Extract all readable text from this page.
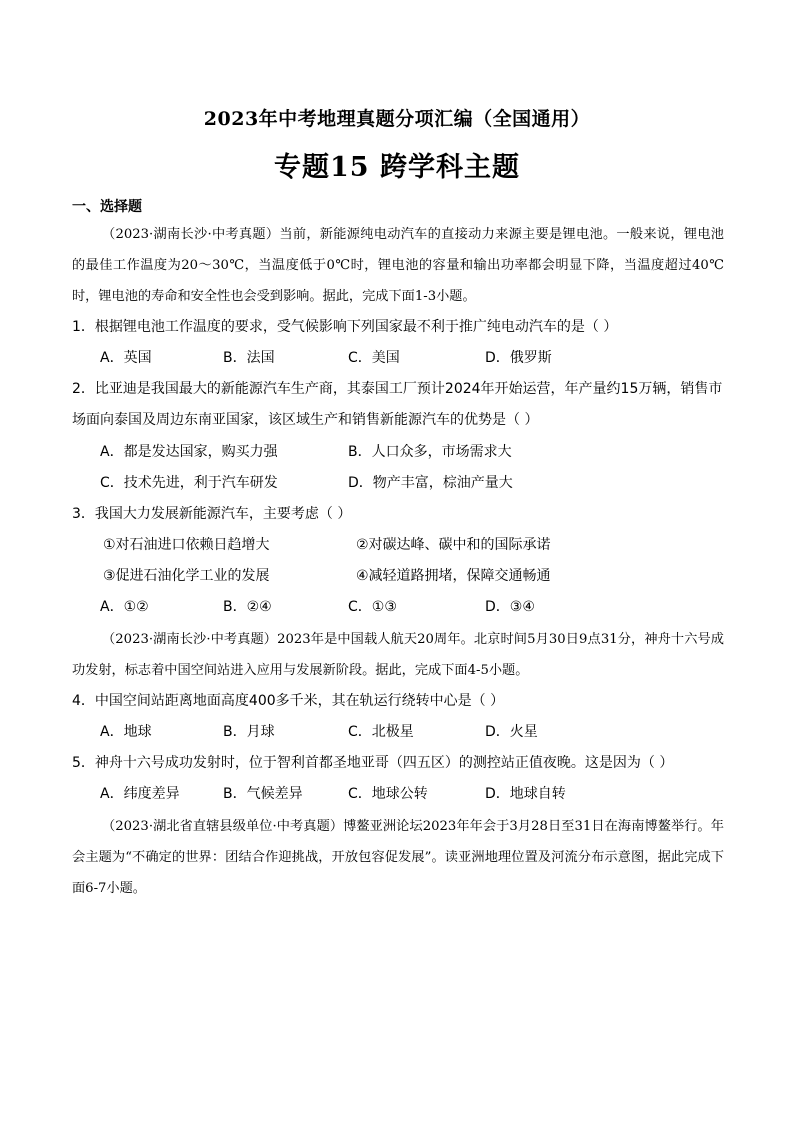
2023年中考地理真题分项汇编（全国通用）
专题15 跨学科主题
一、选择题
（2023·湖南长沙·中考真题）当前，新能源纯电动汽车的直接动力来源主要是锂电池。一般来说，锂电池的最佳工作温度为20～30℃，当温度低于0℃时，锂电池的容量和输出功率都会明显下降，当温度超过40℃时，锂电池的寿命和安全性也会受到影响。据此，完成下面1-3小题。
1．根据锂电池工作温度的要求，受气候影响下列国家最不利于推广纯电动汽车的是（ ）
A．英国	B．法国	C．美国	D．俄罗斯
2．比亚迪是我国最大的新能源汽车生产商，其泰国工厂预计2024年开始运营，年产量约15万辆，销售市场面向泰国及周边东南亚国家，该区域生产和销售新能源汽车的优势是（ ）
A．都是发达国家，购买力强	B．人口众多，市场需求大
C．技术先进，利于汽车研发	D．物产丰富，棕油产量大
3．我国大力发展新能源汽车，主要考虑（ ）
①对石油进口依赖日趋增大	②对碳达峰、碳中和的国际承诺
③促进石油化学工业的发展	④减轻道路拥堵，保障交通畅通
A．①②	B．②④	C．①③	D．③④
（2023·湖南长沙·中考真题）2023年是中国载人航天20周年。北京时间5月30日9点31分，神舟十六号成功发射，标志着中国空间站进入应用与发展新阶段。据此，完成下面4-5小题。
4．中国空间站距离地面高度400多千米，其在轨运行绕转中心是（ ）
A．地球	B．月球	C．北极星	D．火星
5．神舟十六号成功发射时，位于智利首都圣地亚哥（四五区）的测控站正值夜晚。这是因为（ ）
A．纬度差异	B．气候差异	C．地球公转	D．地球自转
（2023·湖北省直辖县级单位·中考真题）博鳌亚洲论坛2023年年会于3月28日至31日在海南博鳌举行。年会主题为“不确定的世界：团结合作迎挑战，开放包容促发展”。读亚洲地理位置及河流分布示意图，据此完成下面6-7小题。
